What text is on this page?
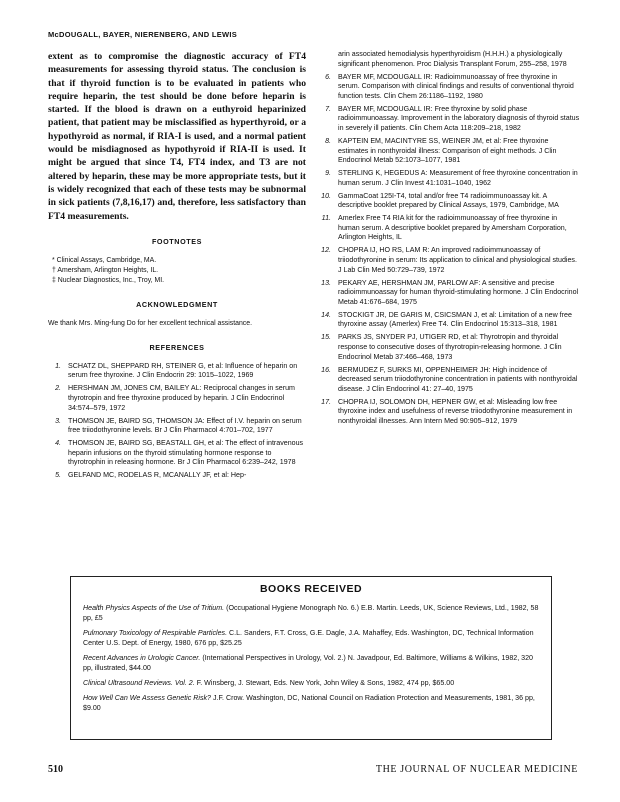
McDOUGALL, BAYER, NIERENBERG, AND LEWIS

extent as to compromise the diagnostic accuracy of FT4 measurements for assessing thyroid status. The conclusion is that if thyroid function is to be evaluated in patients who require heparin, the test should be done before heparin is started. If the blood is drawn on a euthyroid heparinized patient, that patient may be misclassified as hyperthyroid, or a hypothyroid as normal, if RIA-I is used, and a normal patient would be misdiagnosed as hypothyroid if RIA-II is used. It might be argued that since T4, FT4 index, and T3 are not altered by heparin, these may be more appropriate tests, but it is widely recognized that each of these tests may be subnormal in sick patients (7,8,16,17) and, therefore, less satisfactory than FT4 measurements.

FOOTNOTES
* Clinical Assays, Cambridge, MA.
† Amersham, Arlington Heights, IL.
‡ Nuclear Diagnostics, Inc., Troy, MI.
ACKNOWLEDGMENT

We thank Mrs. Ming-fung Do for her excellent technical assistance.

REFERENCES
1. SCHATZ DL, SHEPPARD RH, STEINER G, et al: Influence of heparin on serum free thyroxine. J Clin Endocrin 29: 1015–1022, 1969
2. HERSHMAN JM, JONES CM, BAILEY AL: Reciprocal changes in serum thyrotropin and free thyroxine produced by heparin. J Clin Endocrinol 34:574–579, 1972
3. THOMSON JE, BAIRD SG, THOMSON JA: Effect of I.V. heparin on serum free triiodothyronine levels. Br J Clin Pharmacol 4:701–702, 1977
4. THOMSON JE, BAIRD SG, BEASTALL GH, et al: The effect of intravenous heparin infusions on the thyroid stimulating hormone response to thyrotrophin in releasing hormone. Br J Clin Pharmacol 6:239–242, 1978
5. GELFAND MC, RODELAS R, MCANALLY JF, et al: Hep-
arin associated hemodialysis hyperthyroidism (H.H.H.) a physiologically significant phenomenon. Proc Dialysis Transplant Forum, 255–258, 1978
6. BAYER MF, MCDOUGALL IR: Radioimmunoassay of free thyroxine in serum. Comparison with clinical findings and results of conventional thyroid function tests. Clin Chem 26:1186–1192, 1980
7. BAYER MF, MCDOUGALL IR: Free thyroxine by solid phase radioimmunoassay. Improvement in the laboratory diagnosis of thyroid status in severely ill patients. Clin Chem Acta 118:209–218, 1982
8. KAPTEIN EM, MACINTYRE SS, WEINER JM, et al: Free thyroxine estimates in nonthyroidal illness: Comparison of eight methods. J Clin Endocrinol Metab 52:1073–1077, 1981
9. STERLING K, HEGEDUS A: Measurement of free thyroxine concentration in human serum. J Clin Invest 41:1031–1040, 1962
10. GammaCoat 125I-T4, total and/or free T4 radioimmunoassay kit. A descriptive booklet prepared by Clinical Assays, 1979, Cambridge, MA
11. Amerlex Free T4 RIA kit for the radioimmunoassay of free thyroxine in human serum. A descriptive booklet prepared by Amersham Corporation, Arlington Heights, IL
12. CHOPRA IJ, HO RS, LAM R: An improved radioimmunoassay of triiodothyronine in serum: Its application to clinical and physiological studies. J Lab Clin Med 50:729–739, 1972
13. PEKARY AE, HERSHMAN JM, PARLOW AF: A sensitive and precise radioimmunoassay for human thyroid-stimulating hormone. J Clin Endocrinol Metab 41:676–684, 1975
14. STOCKIGT JR, DE GARIS M, CSICSMAN J, et al: Limitation of a new free thyroxine assay (Amerlex) Free T4. Clin Endocrinol 15:313–318, 1981
15. PARKS JS, SNYDER PJ, UTIGER RD, et al: Thyrotropin and thyroidal response to consecutive doses of thyrotropin-releasing hormone. J Clin Endocrinol Metab 37:466–468, 1973
16. BERMUDEZ F, SURKS MI, OPPENHEIMER JH: High incidence of decreased serum triiodothyronine concentration in patients with nonthyroidal disease. J Clin Endocrinol 41: 27–40, 1975
17. CHOPRA IJ, SOLOMON DH, HEPNER GW, et al: Misleading low free thyroxine index and usefulness of reverse triiodothyronine measurement in nonthyroidal illnesses. Ann Intern Med 90:905–912, 1979
BOOKS RECEIVED

Health Physics Aspects of the Use of Tritium. (Occupational Hygiene Monograph No. 6.) E.B. Martin. Leeds, UK, Science Reviews, Ltd., 1982, 58 pp, £5

Pulmonary Toxicology of Respirable Particles. C.L. Sanders, F.T. Cross, G.E. Dagle, J.A. Mahaffey, Eds. Washington, DC, Technical Information Center U.S. Dept. of Energy, 1980, 676 pp, $25.25

Recent Advances in Urologic Cancer. (International Perspectives in Urology, Vol. 2.) N. Javadpour, Ed. Baltimore, Williams & Wilkins, 1982, 320 pp, illustrated, $44.00

Clinical Ultrasound Reviews. Vol. 2. F. Winsberg, J. Stewart, Eds. New York, John Wiley & Sons, 1982, 474 pp, $65.00

How Well Can We Assess Genetic Risk? J.F. Crow. Washington, DC, National Council on Radiation Protection and Measurements, 1981, 36 pp, $9.00

510	THE JOURNAL OF NUCLEAR MEDICINE
